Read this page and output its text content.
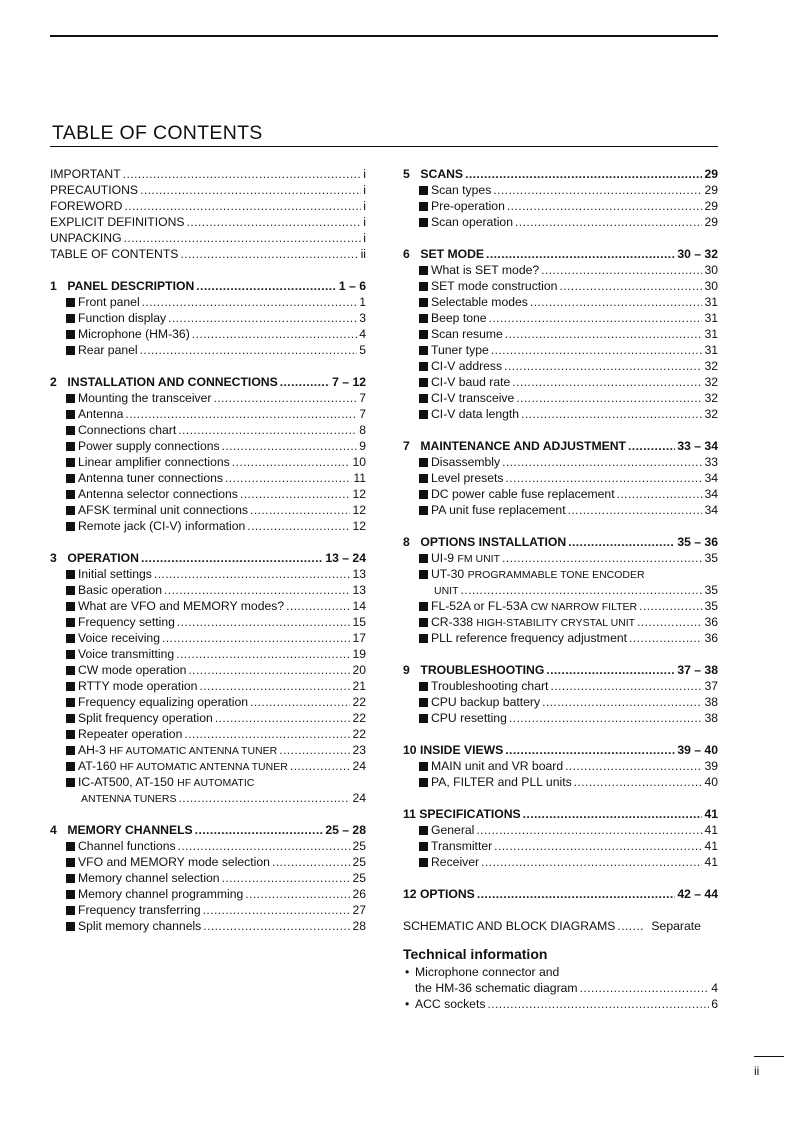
TABLE OF CONTENTS
IMPORTANT .....	i
PRECAUTIONS .....	i
FOREWORD .....	i
EXPLICIT DEFINITIONS .....	i
UNPACKING .....	i
TABLE OF CONTENTS .....	ii
1 PANEL DESCRIPTION .....	1 – 6
Front panel .....	1
Function display .....	3
Microphone (HM-36) .....	4
Rear panel .....	5
2 INSTALLATION AND CONNECTIONS .....	7 – 12
Mounting the transceiver .....	7
Antenna .....	7
Connections chart .....	8
Power supply connections .....	9
Linear amplifier connections .....	10
Antenna tuner connections .....	11
Antenna selector connections .....	12
AFSK terminal unit connections .....	12
Remote jack (CI-V) information .....	12
3 OPERATION .....	13 – 24
Initial settings .....	13
Basic operation .....	13
What are VFO and MEMORY modes? .....	14
Frequency setting .....	15
Voice receiving .....	17
Voice transmitting .....	19
CW mode operation .....	20
RTTY mode operation .....	21
Frequency equalizing operation .....	22
Split frequency operation .....	22
Repeater operation .....	22
AH-3 HF AUTOMATIC ANTENNA TUNER .....	23
AT-160 HF AUTOMATIC ANTENNA TUNER .....	24
IC-AT500, AT-150 HF AUTOMATIC
ANTENNA TUNERS .....	24
4 MEMORY CHANNELS .....	25 – 28
Channel functions .....	25
VFO and MEMORY mode selection .....	25
Memory channel selection .....	25
Memory channel programming .....	26
Frequency transferring .....	27
Split memory channels .....	28
5 SCANS .....	29
Scan types .....	29
Pre-operation .....	29
Scan operation .....	29
6 SET MODE .....	30 – 32
What is SET mode? .....	30
SET mode construction .....	30
Selectable modes .....	31
Beep tone .....	31
Scan resume .....	31
Tuner type .....	31
CI-V address .....	32
CI-V baud rate .....	32
CI-V transceive .....	32
CI-V data length .....	32
7 MAINTENANCE AND ADJUSTMENT .....	33 – 34
Disassembly .....	33
Level presets .....	34
DC power cable fuse replacement .....	34
PA unit fuse replacement .....	34
8 OPTIONS INSTALLATION .....	35 – 36
UI-9 FM UNIT .....	35
UT-30 PROGRAMMABLE TONE ENCODER
UNIT .....	35
FL-52A or FL-53A CW NARROW FILTER .....	35
CR-338 HIGH-STABILITY CRYSTAL UNIT .....	36
PLL reference frequency adjustment .....	36
9 TROUBLESHOOTING .....	37 – 38
Troubleshooting chart .....	37
CPU backup battery .....	38
CPU resetting .....	38
10 INSIDE VIEWS .....	39 – 40
MAIN unit and VR board .....	39
PA, FILTER and PLL units .....	40
11 SPECIFICATIONS .....	41
General .....	41
Transmitter .....	41
Receiver .....	41
12 OPTIONS .....	42 – 44
SCHEMATIC AND BLOCK DIAGRAMS .....	Separate
Technical information
• Microphone connector and
the HM-36 schematic diagram .....	4
• ACC sockets .....	6
ii
